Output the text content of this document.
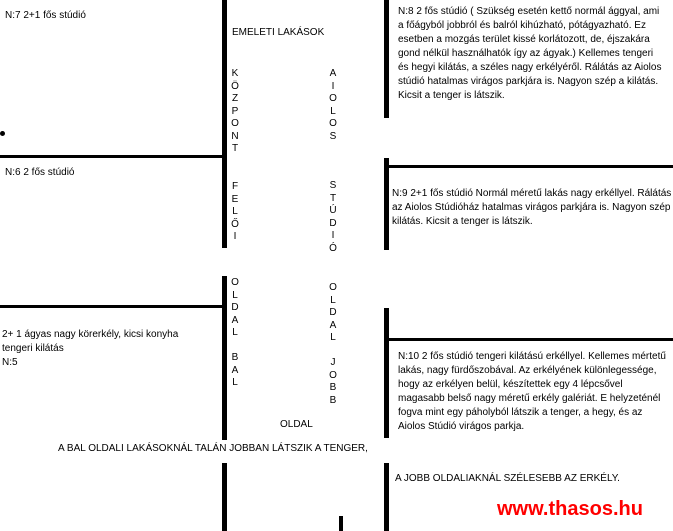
N:7 2+1 fős stúdió
N:6 2 fős stúdió
2+ 1 ágyas nagy körerkély, kicsi konyha
tengeri kilátás
N:5
EMELETI LAKÁSOK
K
Ö
Z
P
O
N
T
F
E
L
Ő
I
O
L
D
A
L

B
A
L
A
I
O
L
O
S
S
T
Ú
D
I
Ó
O
L
D
A
L

J
O
B
B
OLDAL
A BAL OLDALI LAKÁSOKNÁL TALÁN JOBBAN LÁTSZIK A TENGER,
A JOBB OLDALIAKNÁL SZÉLESEBB AZ ERKÉLY.
N:8 2 fős stúdió ( Szükség esetén kettő normál ággyal, ami a főágyból jobbról és balról kihúzható, pótágyazható. Ez esetben a mozgás terület kissé korlátozott, de, éjszakára gond nélkül használhatók így az ágyak.) Kellemes tengeri és hegyi kilátás, a széles nagy erkélyéről. Rálátás az Aiolos stúdió hatalmas virágos parkjára is. Nagyon szép a kilátás. Kicsit a tenger is látszik.
N:9 2+1 fős stúdió Normál méretű lakás nagy erkéllyel. Rálátás az Aiolos Stúdióház hatalmas virágos parkjára is. Nagyon szép kilátás. Kicsit a tenger is látszik.
N:10 2 fős stúdió tengeri kilátású erkéllyel. Kellemes mértetű lakás, nagy fürdőszobával. Az erkélyének különlegessége, hogy az erkélyen belül, készítettek egy 4 lépcsővel magasabb belső nagy méretű erkély galériát. E helyzeténél fogva mint egy páholyból látszik a tenger, a hegy, és az Aiolos Stúdió virágos parkja.
www.thasos.hu
